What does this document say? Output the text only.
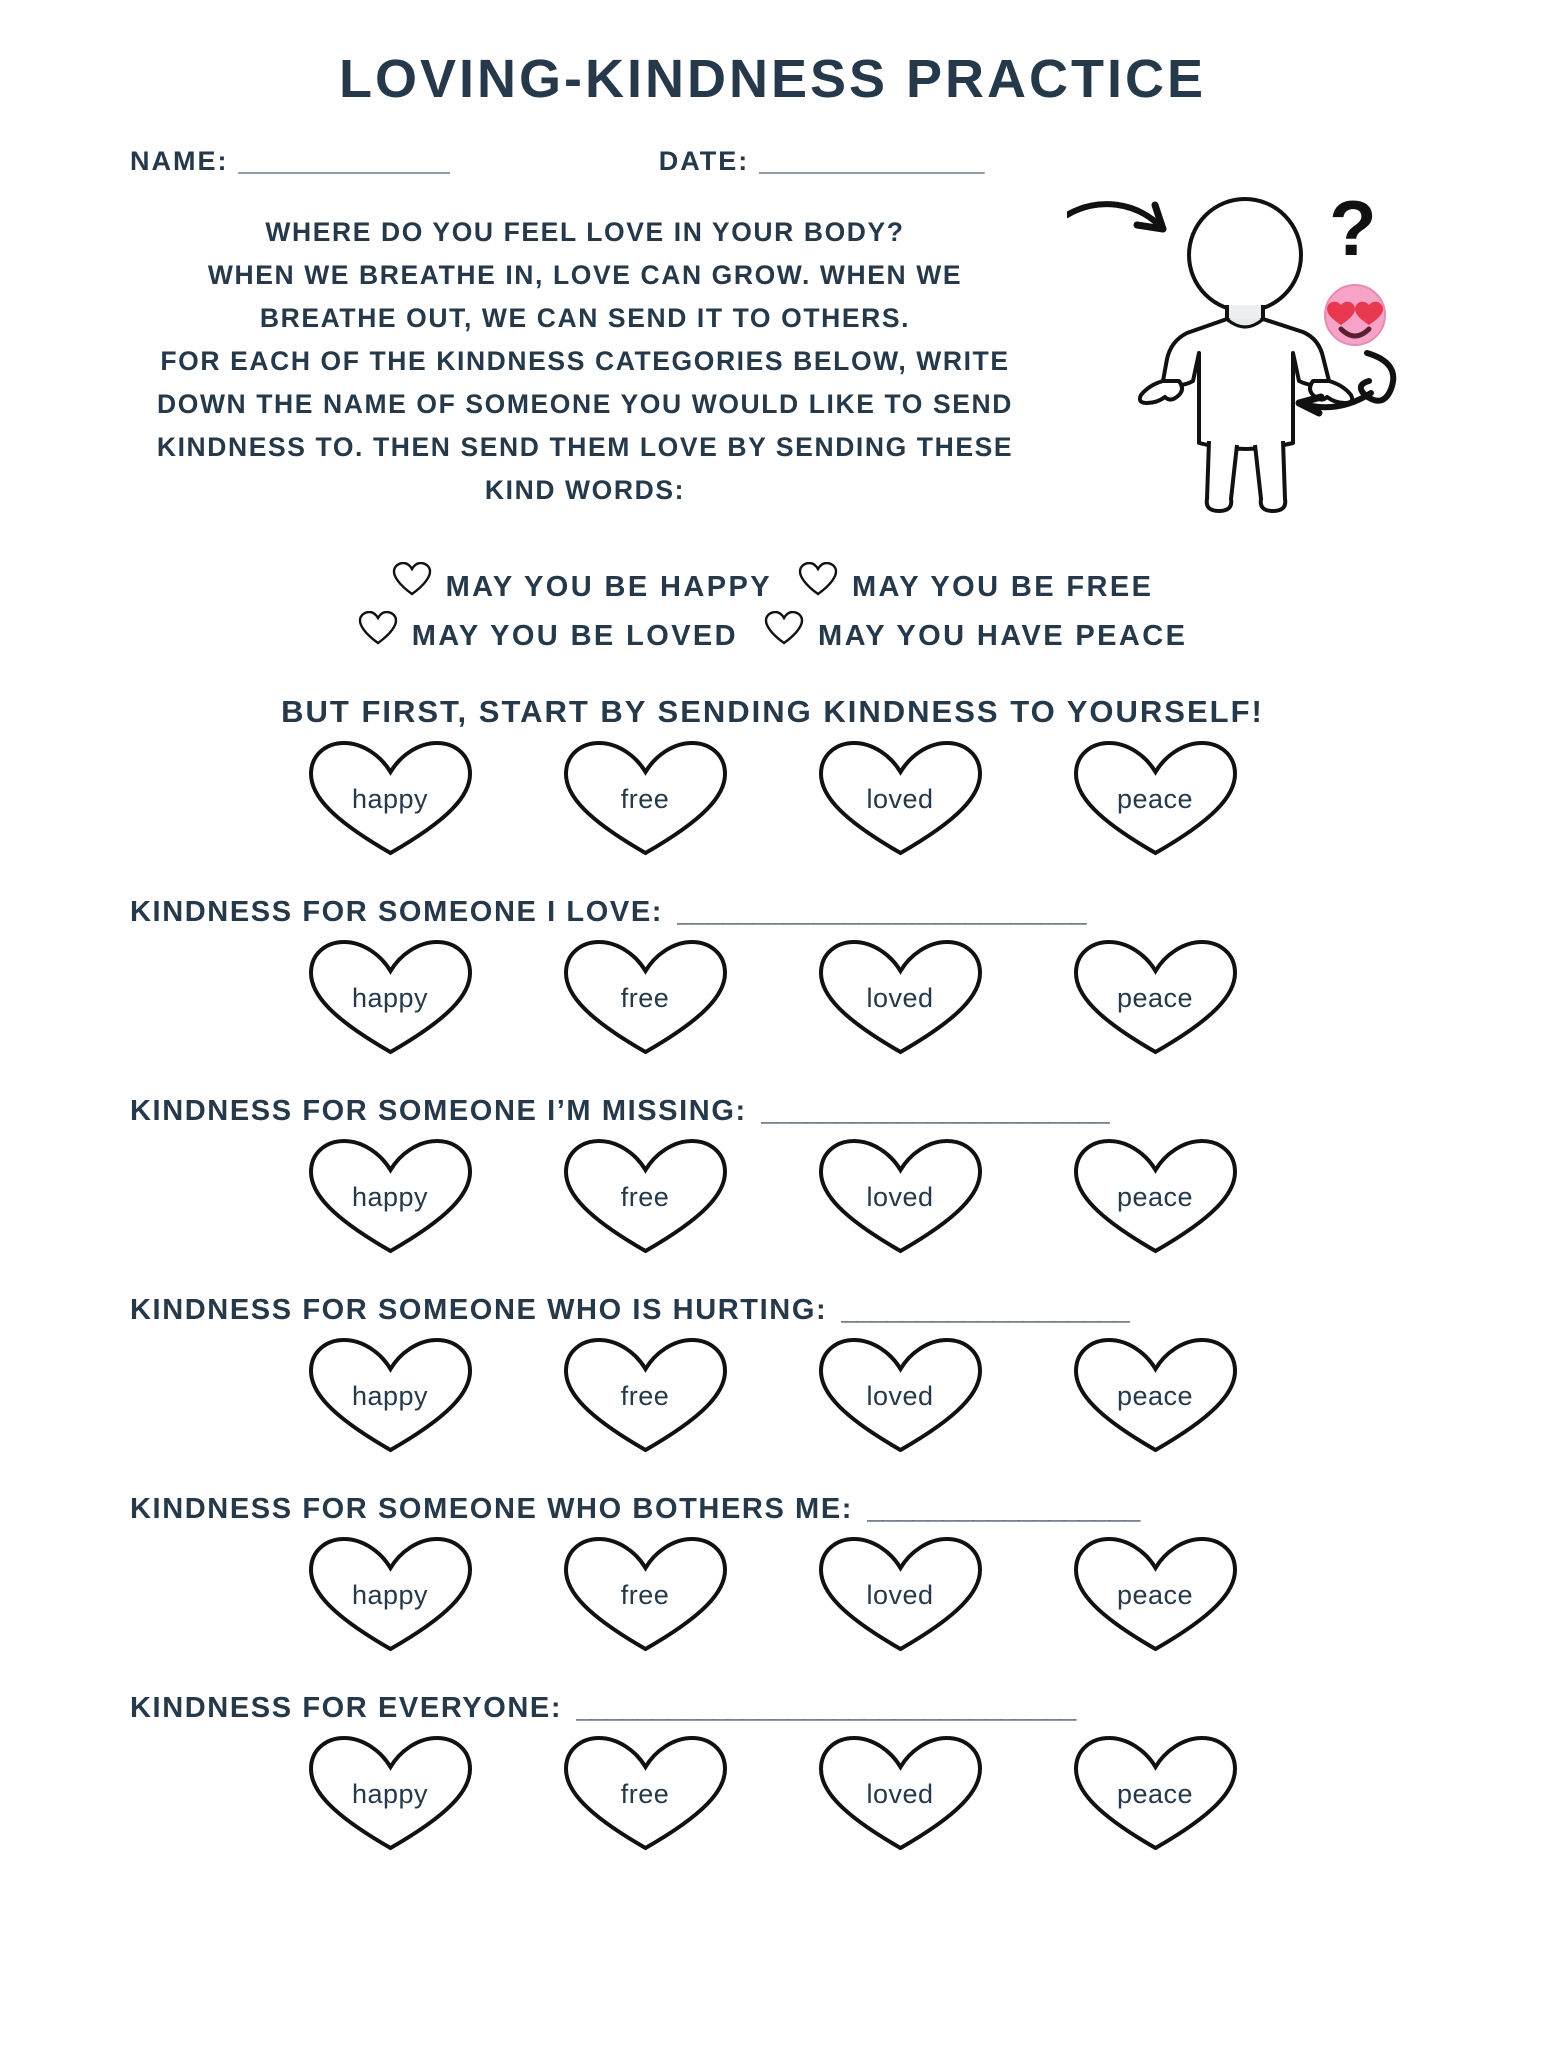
LOVING-KINDNESS PRACTICE
NAME: _______________	DATE: ________________
WHERE DO YOU FEEL LOVE IN YOUR BODY?
WHEN WE BREATHE IN, LOVE CAN GROW. WHEN WE
BREATHE OUT, WE CAN SEND IT TO OTHERS.
FOR EACH OF THE KINDNESS CATEGORIES BELOW, WRITE
DOWN THE NAME OF SOMEONE YOU WOULD LIKE TO SEND
KINDNESS TO. THEN SEND THEM LOVE BY SENDING THESE
KIND WORDS:
?
MAY YOU BE HAPPY	MAY YOU BE FREE
MAY YOU BE LOVED	MAY YOU HAVE PEACE
BUT FIRST, START BY SENDING KINDNESS TO YOURSELF!
happy	free	loved	peace
KINDNESS FOR SOMEONE I LOVE: ___________________________
happy	free	loved	peace
KINDNESS FOR SOMEONE I’M MISSING: _______________________
happy	free	loved	peace
KINDNESS FOR SOMEONE WHO IS HURTING: ___________________
happy	free	loved	peace
KINDNESS FOR SOMEONE WHO BOTHERS ME: __________________
happy	free	loved	peace
KINDNESS FOR EVERYONE: _________________________________
happy	free	loved	peace
